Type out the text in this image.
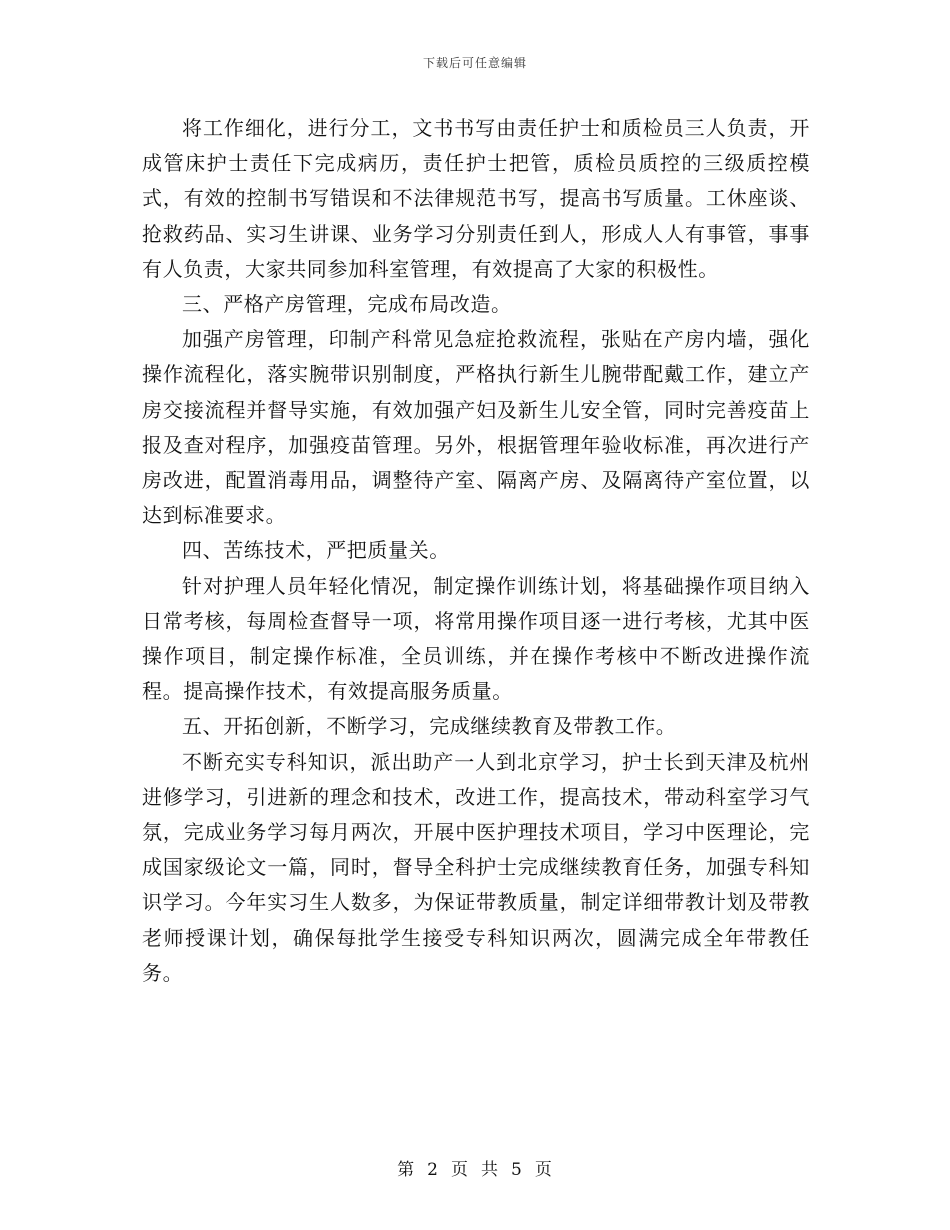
下载后可任意编辑

将工作细化，进行分工，文书书写由责任护士和质检员三人负责，开成管床护士责任下完成病历，责任护士把管，质检员质控的三级质控模式，有效的控制书写错误和不法律规范书写，提高书写质量。工休座谈、抢救药品、实习生讲课、业务学习分别责任到人，形成人人有事管，事事有人负责，大家共同参加科室管理，有效提高了大家的积极性。

三、严格产房管理，完成布局改造。

加强产房管理，印制产科常见急症抢救流程，张贴在产房内墙，强化操作流程化，落实腕带识别制度，严格执行新生儿腕带配戴工作，建立产房交接流程并督导实施，有效加强产妇及新生儿安全管，同时完善疫苗上报及查对程序，加强疫苗管理。另外，根据管理年验收标准，再次进行产房改进，配置消毒用品，调整待产室、隔离产房、及隔离待产室位置，以达到标准要求。

四、苦练技术，严把质量关。

针对护理人员年轻化情况，制定操作训练计划，将基础操作项目纳入日常考核，每周检查督导一项，将常用操作项目逐一进行考核，尤其中医操作项目，制定操作标准，全员训练，并在操作考核中不断改进操作流程。提高操作技术，有效提高服务质量。

五、开拓创新，不断学习，完成继续教育及带教工作。

不断充实专科知识，派出助产一人到北京学习，护士长到天津及杭州进修学习，引进新的理念和技术，改进工作，提高技术，带动科室学习气氛，完成业务学习每月两次，开展中医护理技术项目，学习中医理论，完成国家级论文一篇，同时，督导全科护士完成继续教育任务，加强专科知识学习。今年实习生人数多，为保证带教质量，制定详细带教计划及带教老师授课计划，确保每批学生接受专科知识两次，圆满完成全年带教任务。

第 2 页 共 5 页
